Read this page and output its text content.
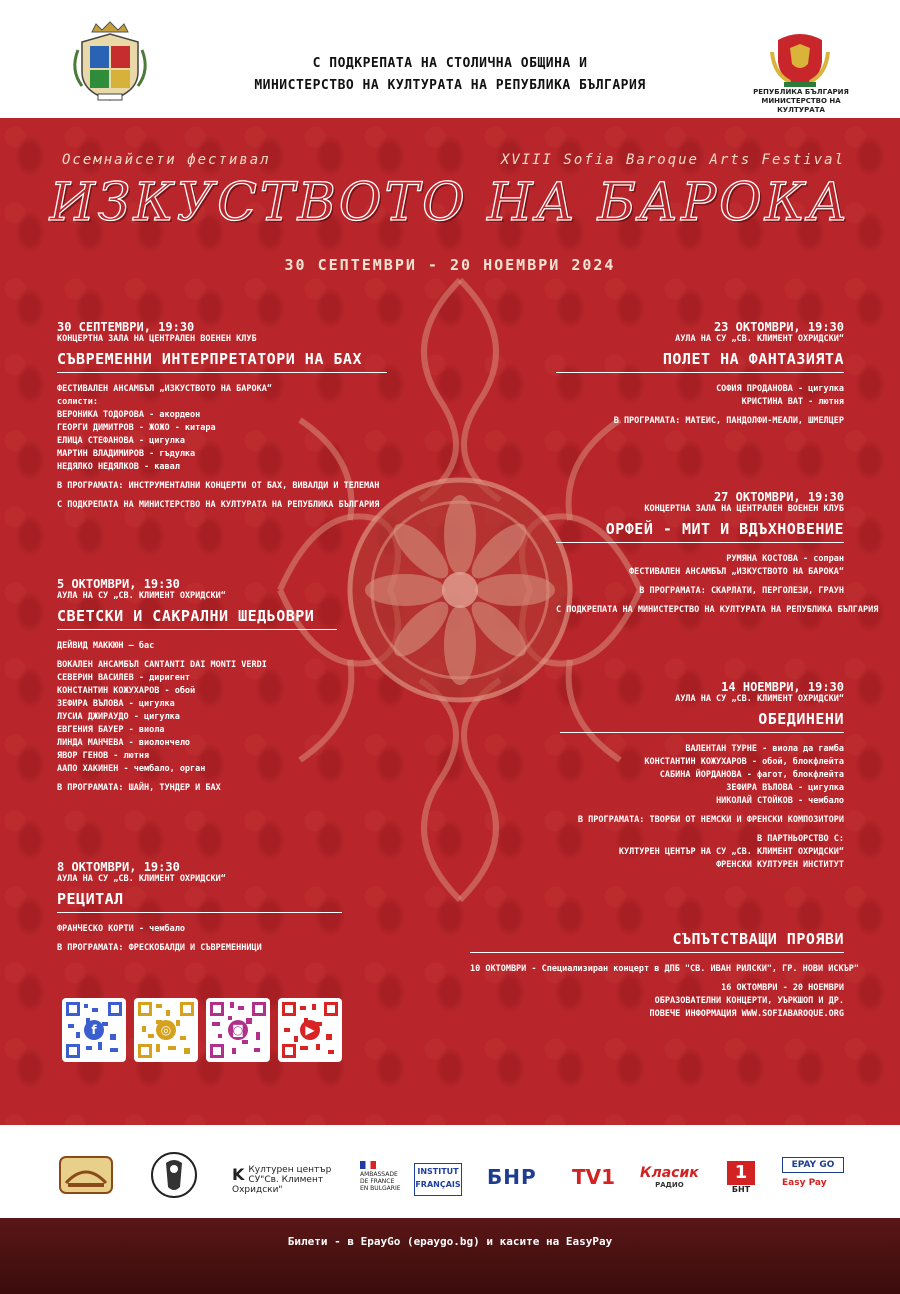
С ПОДКРЕПАТА НА СТОЛИЧНА ОБЩИНА И
МИНИСТЕРСТВО НА КУЛТУРАТА НА РЕПУБЛИКА БЪЛГАРИЯ	РЕПУБЛИКА БЪЛГАРИЯ
МИНИСТЕРСТВО НА КУЛТУРАТА
Осемнайсети фестивал	XVIII Sofia Baroque Arts Festival
ИЗКУСТВОТО НА БАРОКА
30 СЕПТЕМВРИ - 20 НОЕМВРИ 2024
30 СЕПТЕМВРИ, 19:30
КОНЦЕРТНА ЗАЛА НА ЦЕНТРАЛЕН ВОЕНЕН КЛУБ
СЪВРЕМЕННИ ИНТЕРПРЕТАТОРИ НА БАХ
ФЕСТИВАЛЕН АНСАМБЪЛ „ИЗКУСТВОТО НА БАРОКА“
солисти:
ВЕРОНИКА ТОДОРОВА - акордеон
ГЕОРГИ ДИМИТРОВ - ЖОЖО - китара
ЕЛИЦА СТЕФАНОВА - цигулка
МАРТИН ВЛАДИМИРОВ - гъдулка
НЕДЯЛКО НЕДЯЛКОВ - кавал
В ПРОГРАМАТА: ИНСТРУМЕНТАЛНИ КОНЦЕРТИ ОТ БАХ, ВИВАЛДИ И ТЕЛЕМАН
С ПОДКРЕПАТА НА МИНИСТЕРСТВО НА КУЛТУРАТА НА РЕПУБЛИКА БЪЛГАРИЯ
5 ОКТОМВРИ, 19:30
АУЛА НА СУ „СВ. КЛИМЕНТ ОХРИДСКИ“
СВЕТСКИ И САКРАЛНИ ШЕДЬОВРИ
ДЕЙВИД МАККЮН – бас
ВОКАЛЕН АНСАМБЪЛ CANTANTI DAI MONTI VERDI
СЕВЕРИН ВАСИЛЕВ - диригент
КОНСТАНТИН КОЖУХАРОВ - обой
ЗЕФИРА ВЪЛОВА - цигулка
ЛУСИА ДЖИРАУДО - цигулка
ЕВГЕНИЯ БАУЕР - виола
ЛИНДА МАНЧЕВА - виолончело
ЯВОР ГЕНОВ - лютня
ААПО ХАКИНЕН - чембало, орган
В ПРОГРАМАТА: ШАЙН, ТУНДЕР И БАХ
8 ОКТОМВРИ, 19:30
АУЛА НА СУ „СВ. КЛИМЕНТ ОХРИДСКИ“
РЕЦИТАЛ
ФРАНЧЕСКО КОРТИ - чембало
В ПРОГРАМАТА: ФРЕСКОБАЛДИ И СЪВРЕМЕННИЦИ
23 ОКТОМВРИ, 19:30
АУЛА НА СУ „СВ. КЛИМЕНТ ОХРИДСКИ“
ПОЛЕТ НА ФАНТАЗИЯТА
СОФИЯ ПРОДАНОВА - цигулка
КРИСТИНА ВАТ - лютня
В ПРОГРАМАТА: МАТЕИС, ПАНДОЛФИ-МЕАЛИ, ШМЕЛЦЕР
27 ОКТОМВРИ, 19:30
КОНЦЕРТНА ЗАЛА НА ЦЕНТРАЛЕН ВОЕНЕН КЛУБ
ОРФЕЙ - МИТ И ВДЪХНОВЕНИЕ
РУМЯНА КОСТОВА - сопран
ФЕСТИВАЛЕН АНСАМБЪЛ „ИЗКУСТВОТО НА БАРОКА“
В ПРОГРАМАТА: СКАРЛАТИ, ПЕРГОЛЕЗИ, ГРАУН
С ПОДКРЕПАТА НА МИНИСТЕРСТВО НА КУЛТУРАТА НА РЕПУБЛИКА БЪЛГАРИЯ
14 НОЕМВРИ, 19:30
АУЛА НА СУ „СВ. КЛИМЕНТ ОХРИДСКИ“
ОБЕДИНЕНИ
ВАЛЕНТАН ТУРНЕ - виола да гамба
КОНСТАНТИН КОЖУХАРОВ - обой, блокфлейта
САБИНА ЙОРДАНОВА - фагот, блокфлейта
ЗЕФИРА ВЪЛОВА - цигулка
НИКОЛАЙ СТОЙКОВ - чембало
В ПРОГРАМАТА: ТВОРБИ ОТ НЕМСКИ И ФРЕНСКИ КОМПОЗИТОРИ
В ПАРТНЬОРСТВО С:
КУЛТУРЕН ЦЕНТЪР НА СУ „СВ. КЛИМЕНТ ОХРИДСКИ“
ФРЕНСКИ КУЛТУРЕН ИНСТИТУТ
СЪПЪТСТВАЩИ ПРОЯВИ
10 ОКТОМВРИ - Специализиран концерт в ДПБ "СВ. ИВАН РИЛСКИ", ГР. НОВИ ИСКЪР"
16 ОКТОМВРИ - 20 НОЕМВРИ
ОБРАЗОВАТЕЛНИ КОНЦЕРТИ, УЪРКШОП И ДР.
ПОВЕЧЕ ИНФОРМАЦИЯ WWW.SOFIABAROQUE.ORG
f	◎	◙	▶
K Културен център СУ"Св. Климент Охридски"
AMBASSADE DE FRANCE EN BULGARIE
INSTITUT FRANÇAIS БНР TV1 Класик
РАДИО
1
БНТ
EPAY GO
Easy Pay
Билети - в EpayGo (epaygo.bg) и касите на EasyPay
